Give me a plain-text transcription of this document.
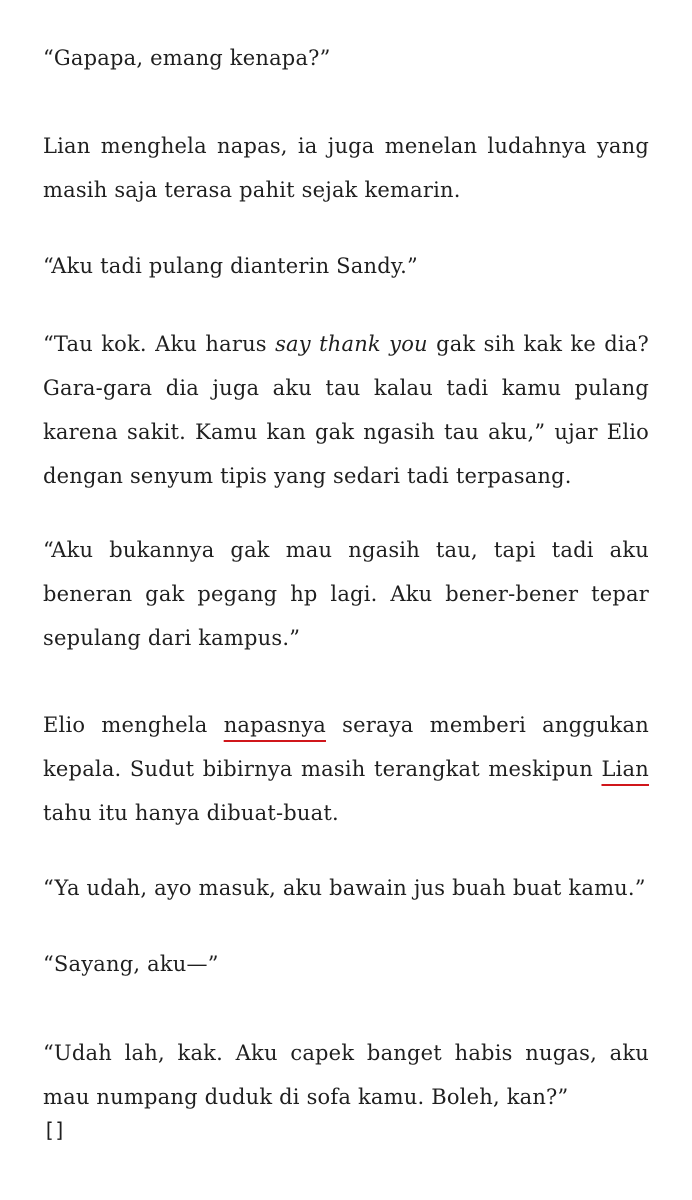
“Gapapa, emang kenapa?”

Lian menghela napas, ia juga menelan ludahnya yang masih saja terasa pahit sejak kemarin.

“Aku tadi pulang dianterin Sandy.”

“Tau kok. Aku harus say thank you gak sih kak ke dia? Gara-gara dia juga aku tau kalau tadi kamu pulang karena sakit. Kamu kan gak ngasih tau aku,” ujar Elio dengan senyum tipis yang sedari tadi terpasang.

“Aku bukannya gak mau ngasih tau, tapi tadi aku beneran gak pegang hp lagi. Aku bener-bener tepar sepulang dari kampus.”

Elio menghela napasnya seraya memberi anggukan kepala. Sudut bibirnya masih terangkat meskipun Lian tahu itu hanya dibuat-buat.

“Ya udah, ayo masuk, aku bawain jus buah buat kamu.”

“Sayang, aku—”

“Udah lah, kak. Aku capek banget habis nugas, aku mau numpang duduk di sofa kamu. Boleh, kan?”

[]
